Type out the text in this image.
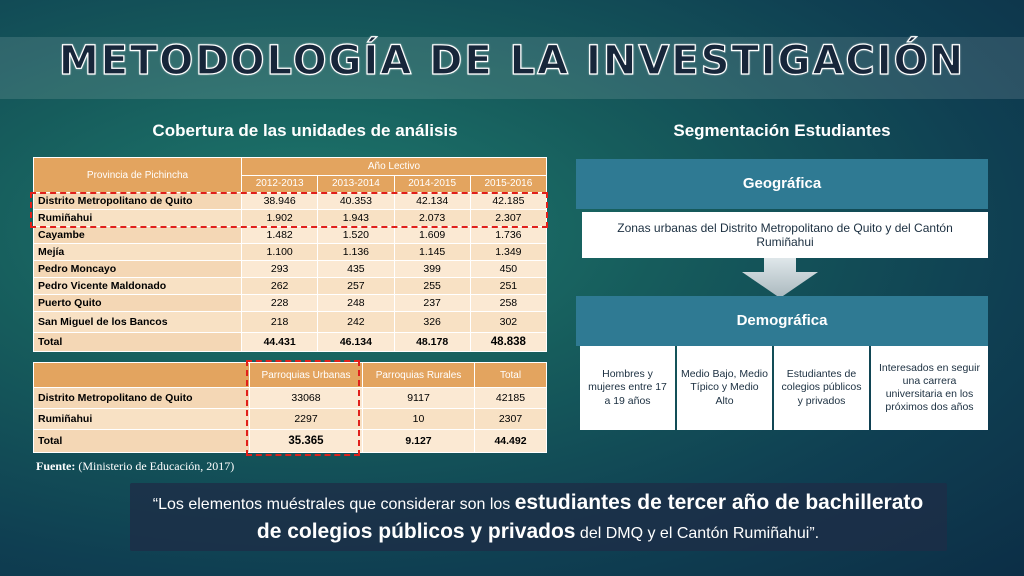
METODOLOGÍA DE LA INVESTIGACIÓN
Cobertura de las unidades de análisis	Segmentación Estudiantes
Provincia de Pichincha	Año Lectivo			
	2012-2013	2013-2014	2014-2015	2015-2016
Distrito Metropolitano de Quito	38.946	40.353	42.134	42.185
Rumiñahui	1.902	1.943	2.073	2.307
Cayambe	1.482	1.520	1.609	1.736
Mejía	1.100	1.136	1.145	1.349
Pedro Moncayo	293	435	399	450
Pedro Vicente Maldonado	262	257	255	251
Puerto Quito	228	248	237	258
San Miguel de los Bancos	218	242	326	302
Total	44.431	46.134	48.178	48.838
	Parroquias Urbanas	Parroquias Rurales	Total
Distrito Metropolitano de Quito	33068	9117	42185
Rumiñahui	2297	10	2307
Total	35.365	9.127	44.492
Fuente: (Ministerio de Educación, 2017)
Geográfica
Zonas urbanas del Distrito Metropolitano de Quito y del Cantón Rumiñahui
Demográfica
Hombres y mujeres entre 17 a 19 años
Medio Bajo, Medio Típico y Medio Alto
Estudiantes de colegios públicos y privados
Interesados en seguir una carrera universitaria en los próximos dos años
“Los elementos muéstrales que considerar son los estudiantes de tercer año de bachillerato de colegios públicos y privados del DMQ y el Cantón Rumiñahui”.
